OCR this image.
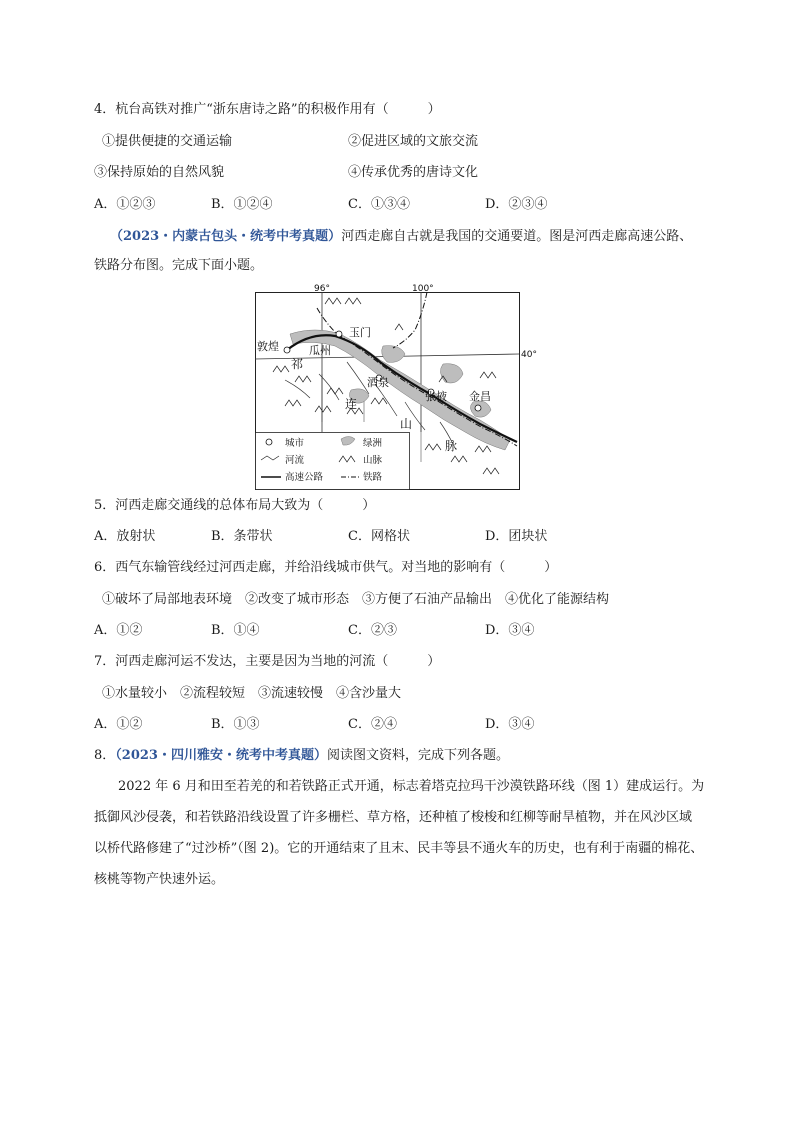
4．杭台高铁对推广“浙东唐诗之路”的积极作用有（　　　）
①提供便捷的交通运输	②促进区域的文旅交流
③保持原始的自然风貌	④传承优秀的唐诗文化
A．①②③	B．①②④	C．①③④	D．②③④
（2023・内蒙古包头・统考中考真题）河西走廊自古就是我国的交通要道。图是河西走廊高速公路、
铁路分布图。完成下面小题。
96°	100°
40°
敦煌
玉门
瓜州
酒泉
张掖 金昌
祁
连
山
脉
城市	绿洲
河流	山脉
高速公路	铁路
5．河西走廊交通线的总体布局大致为（　　　）
A．放射状	B．条带状	C．网格状	D．团块状
6．西气东输管线经过河西走廊，并给沿线城市供气。对当地的影响有（　　　）
①破坏了局部地表环境　②改变了城市形态　③方便了石油产品输出　④优化了能源结构
A．①②	B．①④	C．②③	D．③④
7．河西走廊河运不发达，主要是因为当地的河流（　　　）
①水量较小　②流程较短　③流速较慢　④含沙量大
A．①②	B．①③	C．②④	D．③④
8．（2023・四川雅安・统考中考真题）阅读图文资料，完成下列各题。
2022 年 6 月和田至若羌的和若铁路正式开通，标志着塔克拉玛干沙漠铁路环线（图 1）建成运行。为
抵御风沙侵袭，和若铁路沿线设置了许多栅栏、草方格，还种植了梭梭和红柳等耐旱植物，并在风沙区域
以桥代路修建了“过沙桥”（图 2)。它的开通结束了且末、民丰等县不通火车的历史，也有利于南疆的棉花、
核桃等物产快速外运。
